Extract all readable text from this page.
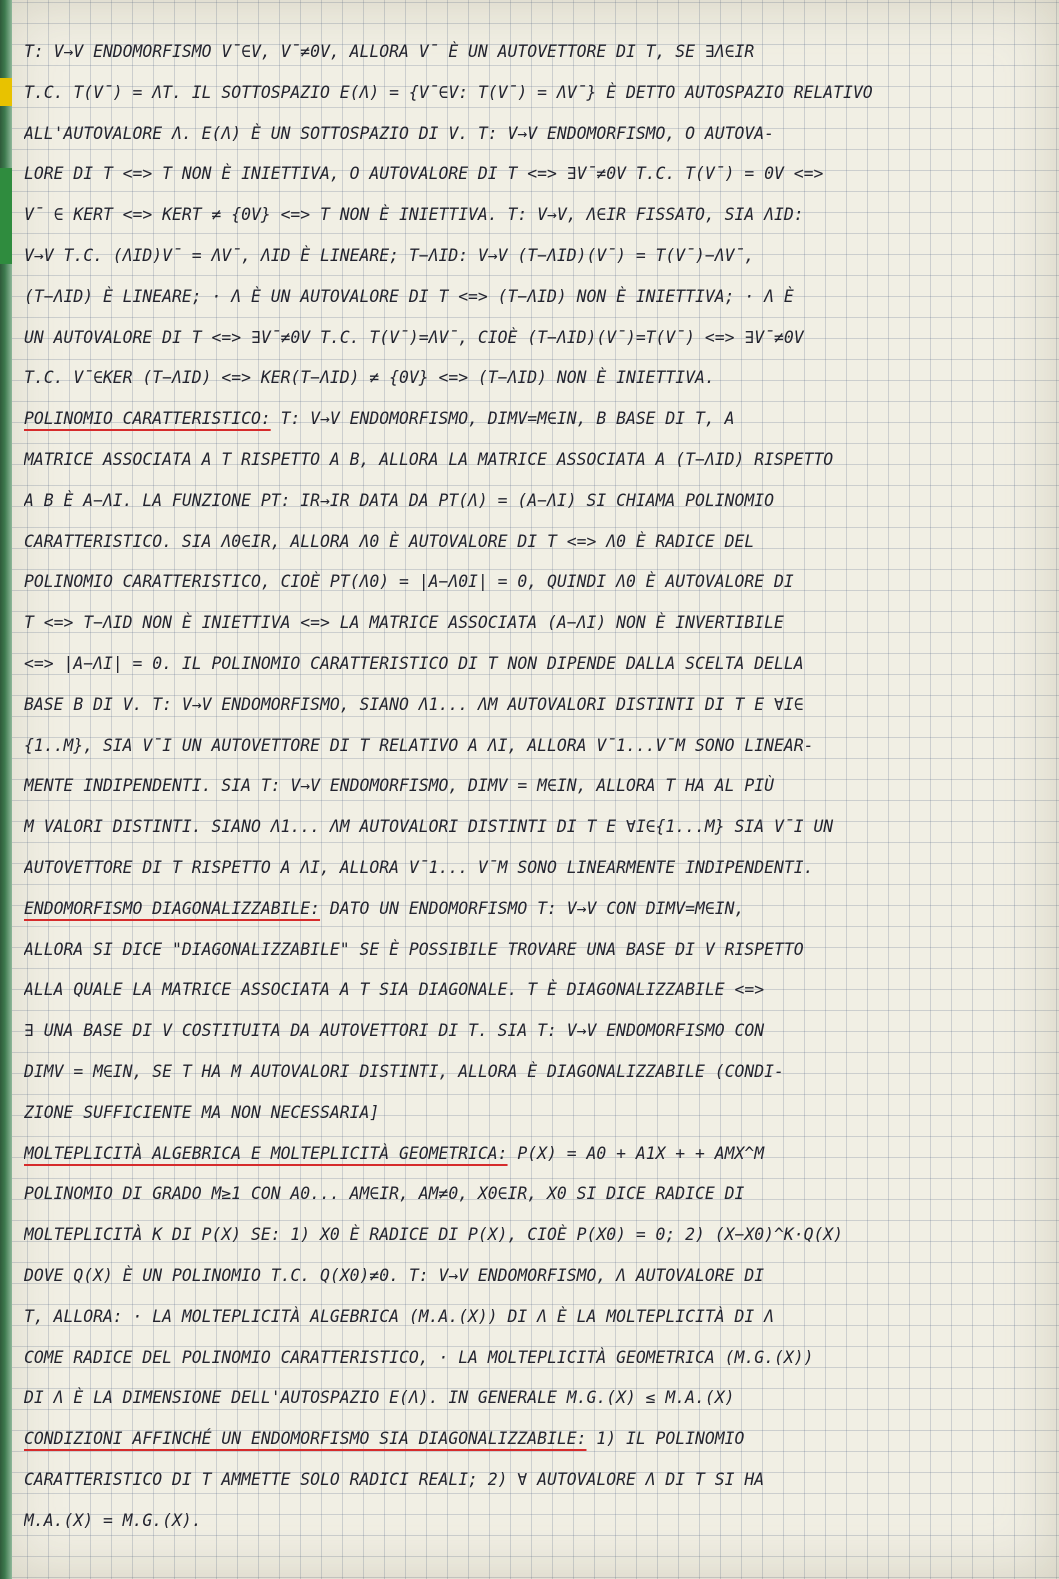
T: V→V ENDOMORFISMO V̄∈V, V̄≠0V, ALLORA V̄ È UN AUTOVETTORE DI T, SE ∃Λ∈IR
T.C. T(V̄) = ΛT. IL SOTTOSPAZIO E(Λ) = {V̄∈V: T(V̄) = ΛV̄} È DETTO AUTOSPAZIO RELATIVO
ALL'AUTOVALORE Λ. E(Λ) È UN SOTTOSPAZIO DI V. T: V→V ENDOMORFISMO, O AUTOVA-
LORE DI T <=> T NON È INIETTIVA, O AUTOVALORE DI T <=> ∃V̄≠0V T.C. T(V̄) = 0V <=>
V̄ ∈ KERT <=> KERT ≠ {0V} <=> T NON È INIETTIVA. T: V→V, Λ∈IR FISSATO, SIA ΛID:
V→V T.C. (ΛID)V̄ = ΛV̄, ΛID È LINEARE; T−ΛID: V→V (T−ΛID)(V̄) = T(V̄)−ΛV̄,
(T−ΛID) È LINEARE; · Λ È UN AUTOVALORE DI T <=> (T−ΛID) NON È INIETTIVA; · Λ È
UN AUTOVALORE DI T <=> ∃V̄≠0V T.C. T(V̄)=ΛV̄, CIOÈ (T−ΛID)(V̄)=T(V̄) <=> ∃V̄≠0V
T.C. V̄∈KER (T−ΛID) <=> KER(T−ΛID) ≠ {0V} <=> (T−ΛID) NON È INIETTIVA.
POLINOMIO CARATTERISTICO: T: V→V ENDOMORFISMO, DIMV=M∈IN, B BASE DI T, A
MATRICE ASSOCIATA A T RISPETTO A B, ALLORA LA MATRICE ASSOCIATA A (T−ΛID) RISPETTO
A B È A−ΛI. LA FUNZIONE PT: IR→IR DATA DA PT(Λ) = (A−ΛI) SI CHIAMA POLINOMIO
CARATTERISTICO. SIA Λ0∈IR, ALLORA Λ0 È AUTOVALORE DI T <=> Λ0 È RADICE DEL
POLINOMIO CARATTERISTICO, CIOÈ PT(Λ0) = |A−Λ0I| = 0, QUINDI Λ0 È AUTOVALORE DI
T <=> T−ΛID NON È INIETTIVA <=> LA MATRICE ASSOCIATA (A−ΛI) NON È INVERTIBILE
<=> |A−ΛI| = 0. IL POLINOMIO CARATTERISTICO DI T NON DIPENDE DALLA SCELTA DELLA
BASE B DI V. T: V→V ENDOMORFISMO, SIANO Λ1... ΛM AUTOVALORI DISTINTI DI T E ∀I∈
{1..M}, SIA V̄I UN AUTOVETTORE DI T RELATIVO A ΛI, ALLORA V̄1...V̄M SONO LINEAR-
MENTE INDIPENDENTI. SIA T: V→V ENDOMORFISMO, DIMV = M∈IN, ALLORA T HA AL PIÙ
M VALORI DISTINTI. SIANO Λ1... ΛM AUTOVALORI DISTINTI DI T E ∀I∈{1...M} SIA V̄I UN
AUTOVETTORE DI T RISPETTO A ΛI, ALLORA V̄1... V̄M SONO LINEARMENTE INDIPENDENTI.
ENDOMORFISMO DIAGONALIZZABILE: DATO UN ENDOMORFISMO T: V→V CON DIMV=M∈IN,
ALLORA SI DICE "DIAGONALIZZABILE" SE È POSSIBILE TROVARE UNA BASE DI V RISPETTO
ALLA QUALE LA MATRICE ASSOCIATA A T SIA DIAGONALE. T È DIAGONALIZZABILE <=>
∃ UNA BASE DI V COSTITUITA DA AUTOVETTORI DI T. SIA T: V→V ENDOMORFISMO CON
DIMV = M∈IN, SE T HA M AUTOVALORI DISTINTI, ALLORA È DIAGONALIZZABILE (CONDI-
ZIONE SUFFICIENTE MA NON NECESSARIA]
MOLTEPLICITÀ ALGEBRICA E MOLTEPLICITÀ GEOMETRICA: P(X) = A0 + A1X + + AMX^M
POLINOMIO DI GRADO M≥1 CON A0... AM∈IR, AM≠0, X0∈IR, X0 SI DICE RADICE DI
MOLTEPLICITÀ K DI P(X) SE: 1) X0 È RADICE DI P(X), CIOÈ P(X0) = 0; 2) (X−X0)^K·Q(X)
DOVE Q(X) È UN POLINOMIO T.C. Q(X0)≠0. T: V→V ENDOMORFISMO, Λ AUTOVALORE DI
T, ALLORA: · LA MOLTEPLICITÀ ALGEBRICA (M.A.(X)) DI Λ È LA MOLTEPLICITÀ DI Λ
COME RADICE DEL POLINOMIO CARATTERISTICO, · LA MOLTEPLICITÀ GEOMETRICA (M.G.(X))
DI Λ È LA DIMENSIONE DELL'AUTOSPAZIO E(Λ). IN GENERALE M.G.(X) ≤ M.A.(X)
CONDIZIONI AFFINCHÉ UN ENDOMORFISMO SIA DIAGONALIZZABILE: 1) IL POLINOMIO
CARATTERISTICO DI T AMMETTE SOLO RADICI REALI; 2) ∀ AUTOVALORE Λ DI T SI HA
M.A.(X) = M.G.(X).
